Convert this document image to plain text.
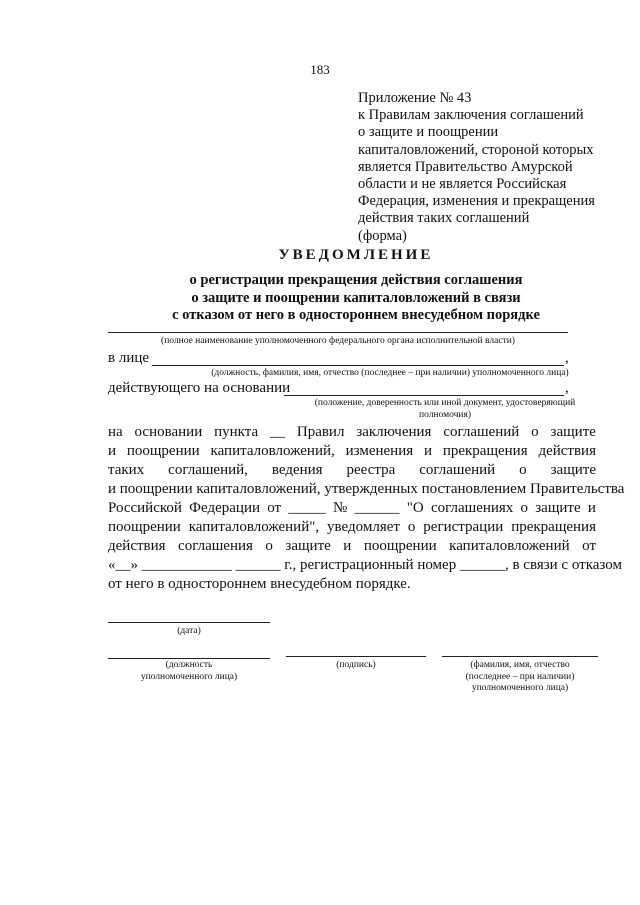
183
Приложение № 43
к Правилам заключения соглашений
о защите и поощрении
капиталовложений, стороной которых
является Правительство Амурской
области и не является Российская
Федерация, изменения и прекращения
действия таких соглашений
(форма)
УВЕДОМЛЕНИЕ
о регистрации прекращения действия соглашения
о защите и поощрении капиталовложений в связи
с отказом от него в одностороннем внесудебном порядке
(полное наименование уполномоченного федерального органа исполнительной власти)
в лице	,
(должность, фамилия, имя, отчество (последнее – при наличии) уполномоченного лица)
действующего на основании	,
(положение, доверенность или иной документ, удостоверяющий
полномочия)
на основании пункта __ Правил заключения соглашений о защите
и поощрении капиталовложений, изменения и прекращения действия
таких соглашений, ведения реестра соглашений о защите
и поощрении капиталовложений, утвержденных постановлением Правительства
Российской Федерации от _____ № ______ "О соглашениях о защите и
поощрении капиталовложений", уведомляет о регистрации прекращения
действия соглашения о защите и поощрении капиталовложений от
«__» ____________ ______ г., регистрационный номер ______, в связи с отказом
от него в одностороннем внесудебном порядке.
(дата)
(должность
уполномоченного лица)
(подпись)	(фамилия, имя, отчество
(последнее – при наличии)
уполномоченного лица)
